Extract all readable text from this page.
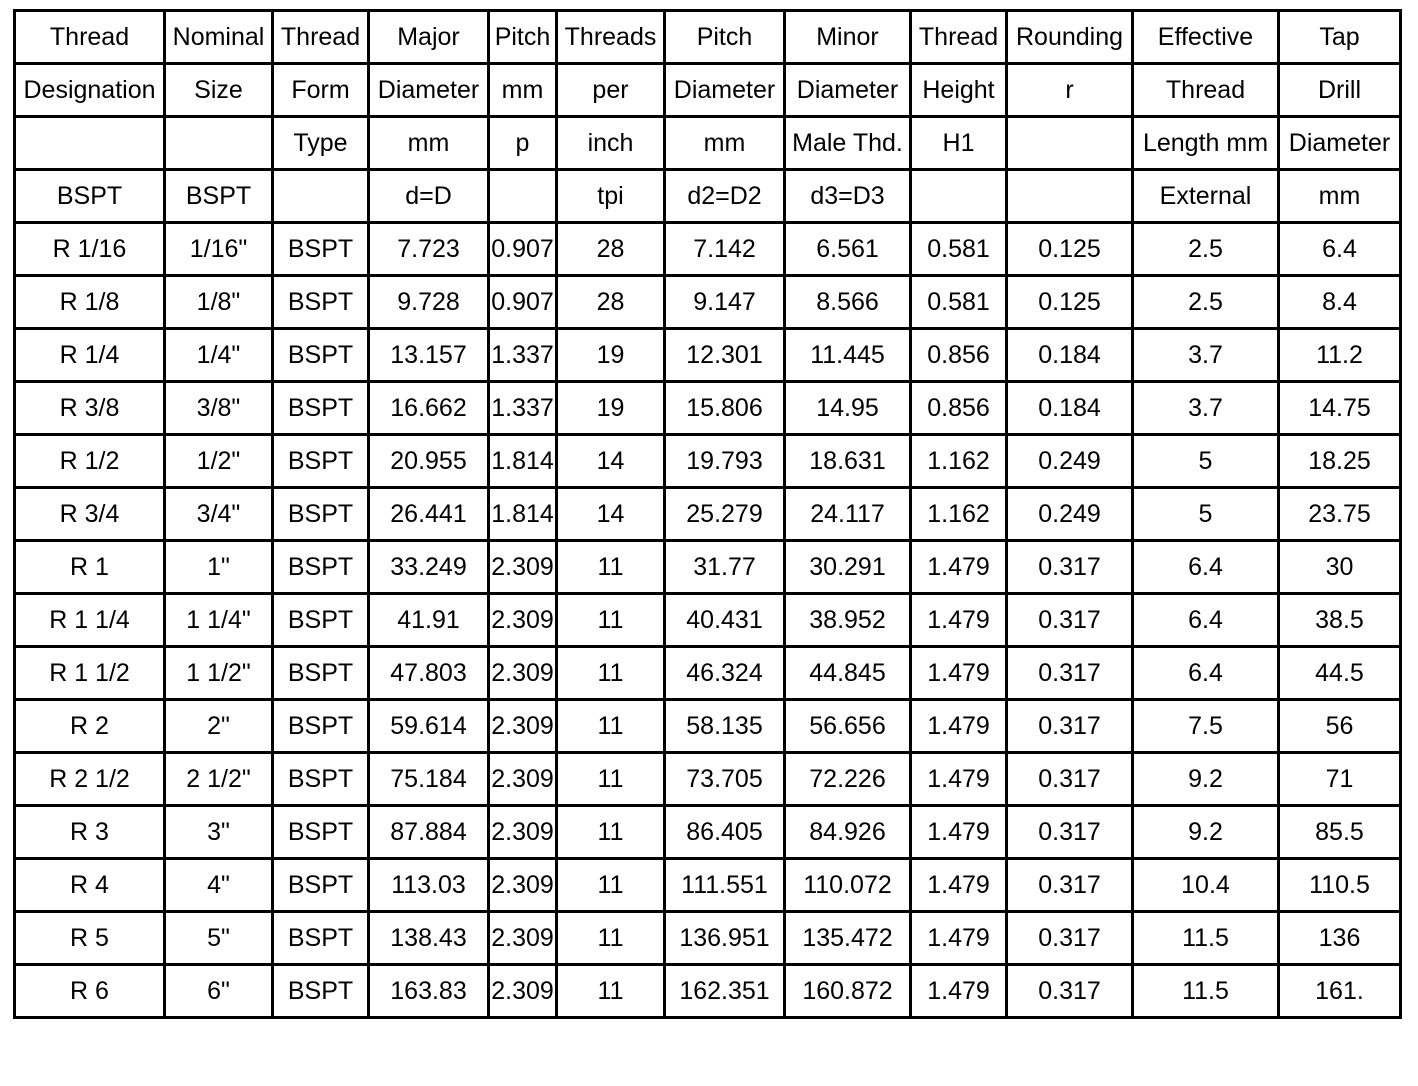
Thread	Nominal	Thread	Major	Pitch	Threads	Pitch	Minor	Thread	Rounding	Effective	Tap
Designation	Size	Form	Diameter	mm	per	Diameter	Diameter	Height	r	Thread	Drill
		Type	mm	p	inch	mm	Male Thd.	H1		Length mm	Diameter
BSPT	BSPT		d=D		tpi	d2=D2	d3=D3			External	mm
R 1/16	1/16"	BSPT	7.723	0.907	28	7.142	6.561	0.581	0.125	2.5	6.4
R 1/8	1/8"	BSPT	9.728	0.907	28	9.147	8.566	0.581	0.125	2.5	8.4
R 1/4	1/4"	BSPT	13.157	1.337	19	12.301	11.445	0.856	0.184	3.7	11.2
R 3/8	3/8"	BSPT	16.662	1.337	19	15.806	14.95	0.856	0.184	3.7	14.75
R 1/2	1/2"	BSPT	20.955	1.814	14	19.793	18.631	1.162	0.249	5	18.25
R 3/4	3/4"	BSPT	26.441	1.814	14	25.279	24.117	1.162	0.249	5	23.75
R 1	1"	BSPT	33.249	2.309	11	31.77	30.291	1.479	0.317	6.4	30
R 1 1/4	1 1/4"	BSPT	41.91	2.309	11	40.431	38.952	1.479	0.317	6.4	38.5
R 1 1/2	1 1/2"	BSPT	47.803	2.309	11	46.324	44.845	1.479	0.317	6.4	44.5
R 2	2"	BSPT	59.614	2.309	11	58.135	56.656	1.479	0.317	7.5	56
R 2 1/2	2 1/2"	BSPT	75.184	2.309	11	73.705	72.226	1.479	0.317	9.2	71
R 3	3"	BSPT	87.884	2.309	11	86.405	84.926	1.479	0.317	9.2	85.5
R 4	4"	BSPT	113.03	2.309	11	111.551	110.072	1.479	0.317	10.4	110.5
R 5	5"	BSPT	138.43	2.309	11	136.951	135.472	1.479	0.317	11.5	136
R 6	6"	BSPT	163.83	2.309	11	162.351	160.872	1.479	0.317	11.5	161.
